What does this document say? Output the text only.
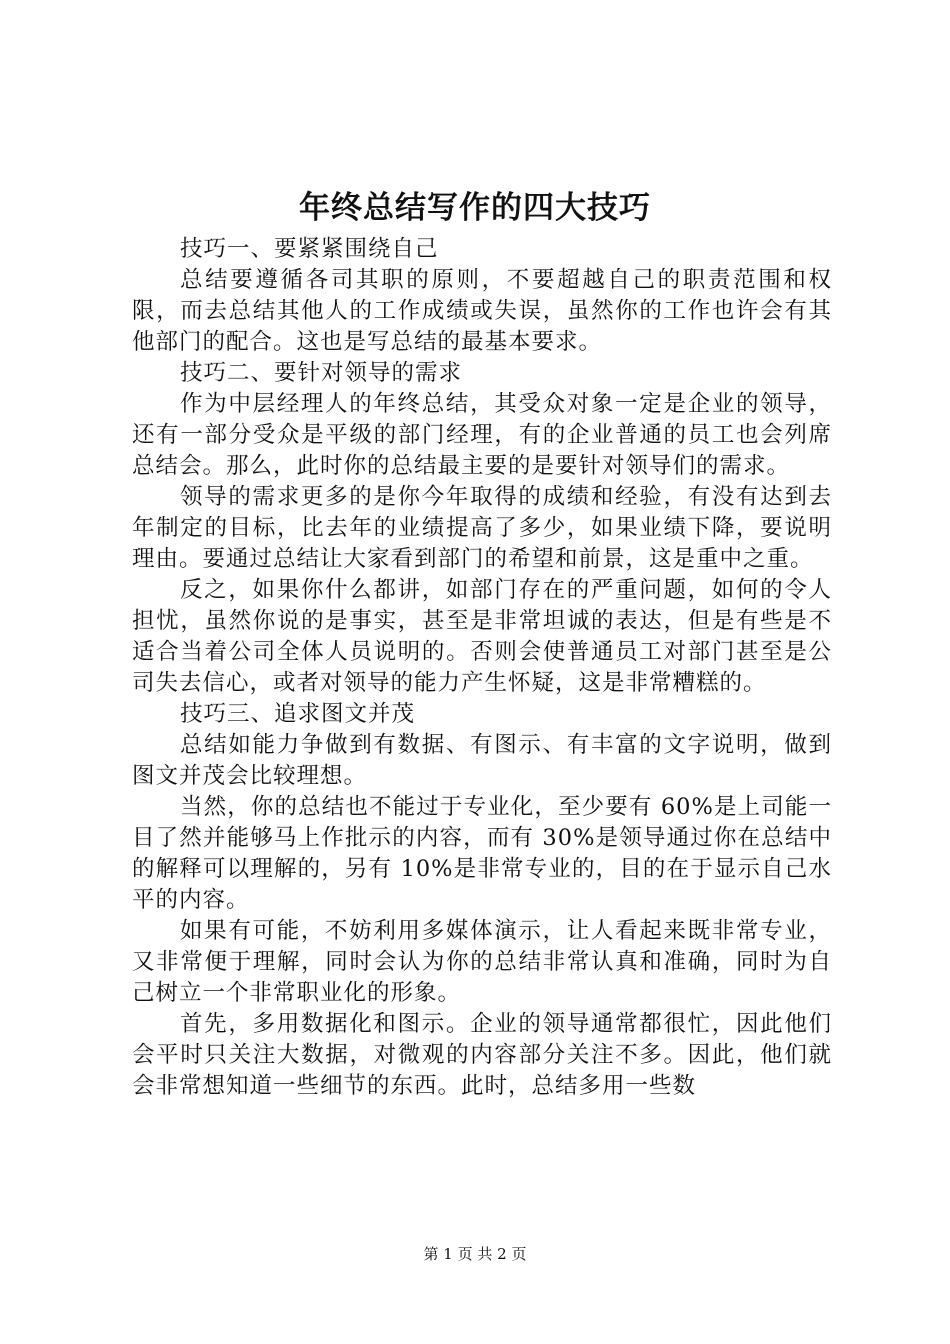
年终总结写作的四大技巧

技巧一、要紧紧围绕自己

总结要遵循各司其职的原则，不要超越自己的职责范围和权限，而去总结其他人的工作成绩或失误，虽然你的工作也许会有其他部门的配合。这也是写总结的最基本要求。

技巧二、要针对领导的需求

作为中层经理人的年终总结，其受众对象一定是企业的领导，还有一部分受众是平级的部门经理，有的企业普通的员工也会列席总结会。那么，此时你的总结最主要的是要针对领导们的需求。

领导的需求更多的是你今年取得的成绩和经验，有没有达到去年制定的目标，比去年的业绩提高了多少，如果业绩下降，要说明理由。要通过总结让大家看到部门的希望和前景，这是重中之重。

反之，如果你什么都讲，如部门存在的严重问题，如何的令人担忧，虽然你说的是事实，甚至是非常坦诚的表达，但是有些是不适合当着公司全体人员说明的。否则会使普通员工对部门甚至是公司失去信心，或者对领导的能力产生怀疑，这是非常糟糕的。

技巧三、追求图文并茂

总结如能力争做到有数据、有图示、有丰富的文字说明，做到图文并茂会比较理想。

当然，你的总结也不能过于专业化，至少要有 60%是上司能一目了然并能够马上作批示的内容，而有 30%是领导通过你在总结中的解释可以理解的，另有 10%是非常专业的，目的在于显示自己水平的内容。

如果有可能，不妨利用多媒体演示，让人看起来既非常专业，又非常便于理解，同时会认为你的总结非常认真和准确，同时为自己树立一个非常职业化的形象。

首先，多用数据化和图示。企业的领导通常都很忙，因此他们会平时只关注大数据，对微观的内容部分关注不多。因此，他们就会非常想知道一些细节的东西。此时，总结多用一些数

第 1 页 共 2 页
